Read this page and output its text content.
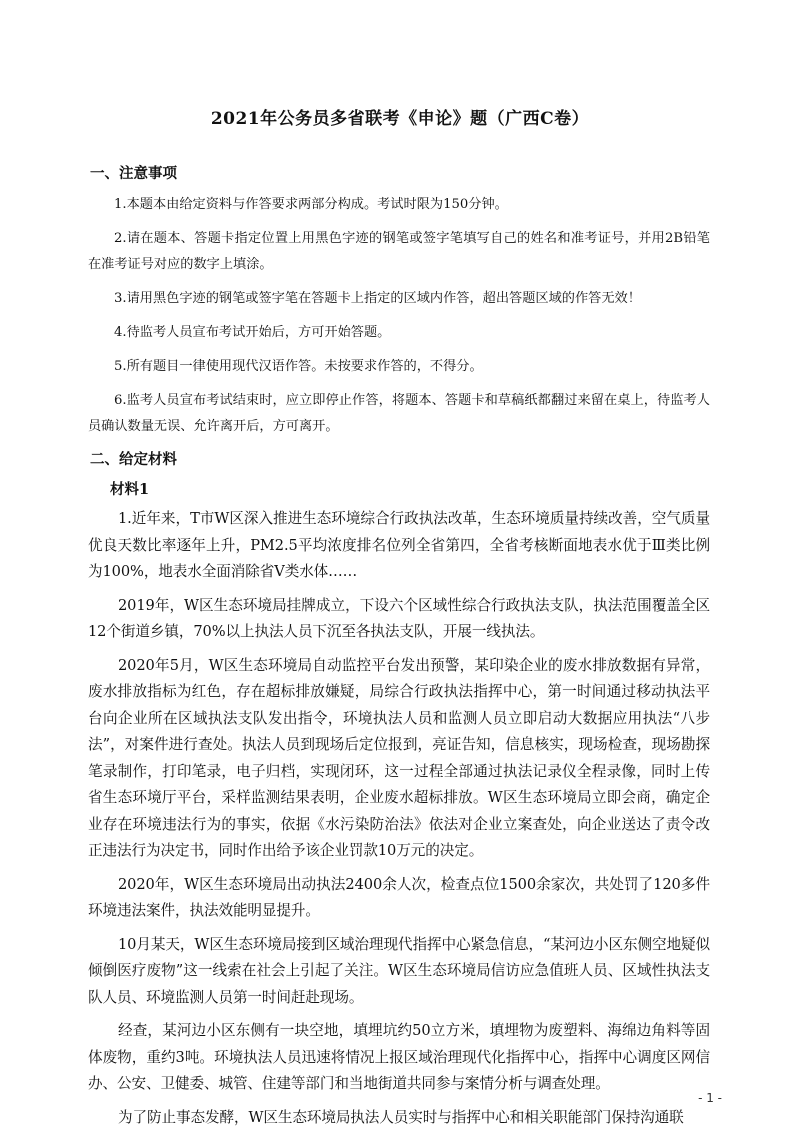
2021年公务员多省联考《申论》题（广西C卷）
一、注意事项

1.本题本由给定资料与作答要求两部分构成。考试时限为150分钟。

2.请在题本、答题卡指定位置上用黑色字迹的钢笔或签字笔填写自己的姓名和准考证号，并用2B铅笔在准考证号对应的数字上填涂。

3.请用黑色字迹的钢笔或签字笔在答题卡上指定的区域内作答，超出答题区域的作答无效！

4.待监考人员宣布考试开始后，方可开始答题。

5.所有题目一律使用现代汉语作答。未按要求作答的，不得分。

6.监考人员宣布考试结束时，应立即停止作答，将题本、答题卡和草稿纸都翻过来留在桌上，待监考人员确认数量无误、允许离开后，方可离开。

二、给定材料
材料1

1.近年来，T市W区深入推进生态环境综合行政执法改革，生态环境质量持续改善，空气质量优良天数比率逐年上升，PM2.5平均浓度排名位列全省第四，全省考核断面地表水优于Ⅲ类比例为100%，地表水全面消除省Ⅴ类水体……

2019年，W区生态环境局挂牌成立，下设六个区域性综合行政执法支队，执法范围覆盖全区12个街道乡镇，70%以上执法人员下沉至各执法支队，开展一线执法。

2020年5月，W区生态环境局自动监控平台发出预警，某印染企业的废水排放数据有异常，废水排放指标为红色，存在超标排放嫌疑，局综合行政执法指挥中心，第一时间通过移动执法平台向企业所在区域执法支队发出指令，环境执法人员和监测人员立即启动大数据应用执法“八步法”，对案件进行查处。执法人员到现场后定位报到，亮证告知，信息核实，现场检查，现场勘探笔录制作，打印笔录，电子归档，实现闭环，这一过程全部通过执法记录仪全程录像，同时上传省生态环境厅平台，采样监测结果表明，企业废水超标排放。W区生态环境局立即会商，确定企业存在环境违法行为的事实，依据《水污染防治法》依法对企业立案查处，向企业送达了责令改正违法行为决定书，同时作出给予该企业罚款10万元的决定。

2020年，W区生态环境局出动执法2400余人次，检查点位1500余家次，共处罚了120多件环境违法案件，执法效能明显提升。

10月某天，W区生态环境局接到区域治理现代指挥中心紧急信息，“某河边小区东侧空地疑似倾倒医疗废物”这一线索在社会上引起了关注。W区生态环境局信访应急值班人员、区域性执法支队人员、环境监测人员第一时间赶赴现场。

经查，某河边小区东侧有一块空地，填埋坑约50立方米，填埋物为废塑料、海绵边角料等固体废物，重约3吨。环境执法人员迅速将情况上报区域治理现代化指挥中心，指挥中心调度区网信办、公安、卫健委、城管、住建等部门和当地街道共同参与案情分析与调查处理。

为了防止事态发酵，W区生态环境局执法人员实时与指挥中心和相关职能部门保持沟通联

- 1 -
